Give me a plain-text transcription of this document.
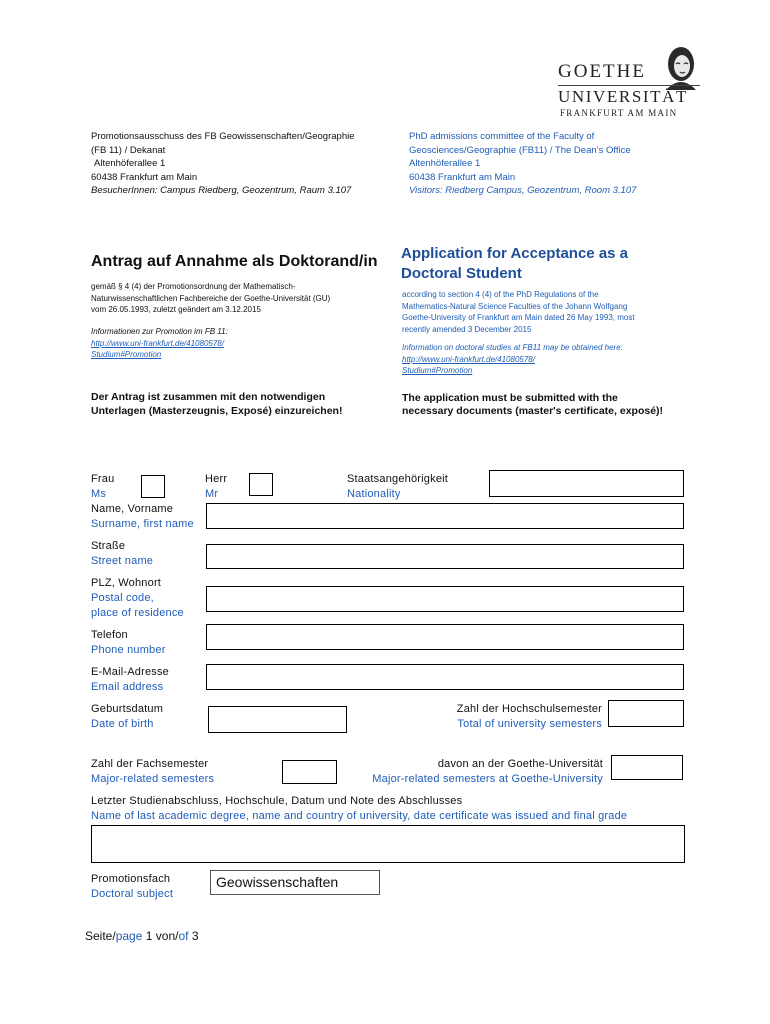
GOETHE
UNIVERSITÄT
FRANKFURT AM MAIN
Promotionsausschuss des FB Geowissenschaften/Geographie
(FB 11) / Dekanat
Altenhöferallee 1
60438 Frankfurt am Main
BesucherInnen: Campus Riedberg, Geozentrum, Raum 3.107
PhD admissions committee of the Faculty of
Geosciences/Geographie (FB11) / The Dean’s Office
Altenhöferallee 1
60438 Frankfurt am Main
Visitors: Riedberg Campus, Geozentrum, Room 3.107
Antrag auf Annahme als Doktorand/in Application for Acceptance as a
Doctoral Student
gemäß § 4 (4) der Promotionsordnung der Mathematisch-
Naturwissenschaftlichen Fachbereiche der Goethe-Universität (GU)
vom 26.05.1993, zuletzt geändert am 3.12.2015
according to section 4 (4) of the PhD Regulations of the
Mathematics-Natural Science Faculties of the Johann Wolfgang
Goethe-University of Frankfurt am Main dated 26 May 1993, most
recently amended 3 December 2015
Informationen zur Promotion im FB 11:
http://www.uni-frankfurt.de/41080578/
Studium#Promotion
Information on doctoral studies at FB11 may be obtained here:
http://www.uni-frankfurt.de/41080578/
Studium#Promotion
Der Antrag ist zusammen mit den notwendigen
Unterlagen (Masterzeugnis, Exposé) einzureichen!
The application must be submitted with the
necessary documents (master's certificate, exposé)!
Frau
Ms
Herr
Mr
Staatsangehörigkeit
Nationality
Name, Vorname
Surname, first name
Straße
Street name
PLZ, Wohnort
Postal code,
place of residence
Telefon
Phone number
E-Mail-Adresse
Email address
Geburtsdatum
Date of birth
Zahl der Hochschulsemester
Total of university semesters
Zahl der Fachsemester
Major-related semesters
davon an der Goethe-Universität
Major-related semesters at Goethe-University
Letzter Studienabschluss, Hochschule, Datum und Note des Abschlusses
Name of last academic degree, name and country of university, date certificate was issued and final grade
Promotionsfach
Doctoral subject
Geowissenschaften
Seite/page 1 von/of 3
